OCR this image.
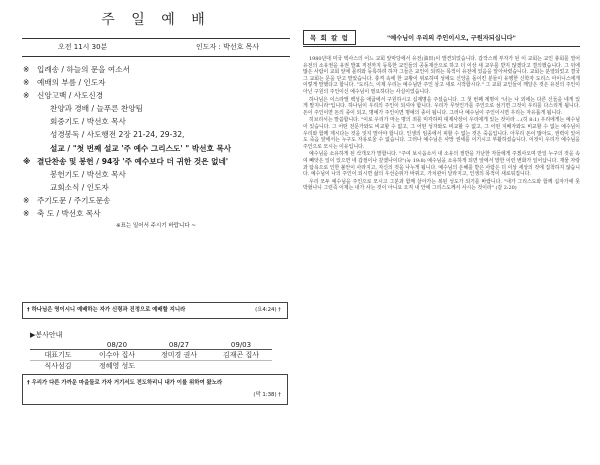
주 일 예 배
오전 11시 30분	인도자 : 박선호 목사
※ 입례송 / 하늘의 문을 여소서
※ 예배의 부름 / 인도자
※ 신앙고백 / 사도신경
찬양과 경배 / 늘푸른 찬양팀
회중기도 / 박선호 목사
성경봉독 / 사도행전 2장 21-24, 29-32,
설교 / "첫 번째 설교 '주 예수 그리스도' " 박선호 목사
※ 결단찬송 및 봉헌 / 94장 '주 예수보다 더 귀한 것은 없네'
봉헌기도 / 박선호 목사
교회소식 / 인도자
※ 주기도문 / 주기도문송
※ 축 도 / 박선호 목사
※표는 일어서 주시기 바랍니다 ~
† 하나님은 영이시니 예배하는 자가 신령과 진정으로 예배할 지니라	(요4:24) †
▶봉사안내
	08/20	08/27	09/03
대표기도	이수아 집사	정미경 권사	김재곤 집사
식사섬김	정혜영 성도		
† 우리가 다른 가까운 마을들로 가자 거기서도 전도하리니 내가 이를 위하여 왔노라
(막 1:38) †
목 회 칼 럼	"예수님이 우리의 주인이시오, 구원자되십니다"

1980년대 미국 텍사스의 어느 교회 앞마당에서 유전(油田)이 발견되었습니다. 갑작스레 부자가 된 이 교회는 교인 총회를 열어 유전의 소유권을 유권 발표 직전까지 등록한 교인들의 공동재산으로 하고 더 이상 새 교우를 받지 않겠다고 결의했습니다. 그 뒤에 많은 사람이 교회 앞에 몰려와 등록하려 하자 그들은 교인이 되려는 목적이 유전에 있음을 알아차렸습니다. 교회는 분열되었고 결국 그 교회는 문을 닫고 말았습니다. 충격 속에 한 교황이 위로하며 성에도 신앙을 돌이킨 분들이 유행한 신학자 도리스 아이니스에게 이렇게 말했다고 합니다. "도리스, 이제 우리는 예수님만 주인 삼고 새로 시작합시다." 그 교회 교인들이 깨달은 것은 유전의 주인이 아닌 구원의 주인이신 예수님이 필요하다는 사실이었습니다.

하나님은 이스라엘 백성을 애굽에서 구원하시고 십계명을 주셨습니다. 그 첫 번째 계명이 "너는 나 외에는 다른 신들을 네게 있게 말지니라"입니다. 하나님이 우리의 주인이 되셔야 합니다. 우리가 무엇인가를 주인으로 섬기면 그것이 우리를 다스리게 됩니다. 돈이 주인이면 돈의 종이 되고, 명예가 주인이면 명예의 종이 됩니다. 그러나 예수님이 주인이시면 우리는 자유롭게 됩니다.

히브리서는 말씀합니다. "이로 우리가 마는 명의 죄를 미각하며 대제사장이 우리에게 있는 것이라 ...(히 8:1) 우리에게는 예수님이 있습니다. 그 어떤 전문가와도 비교할 수 없고, 그 어떤 성자와도 비교할 수 없고, 그 어떤 지배자와도 비교할 수 없는 예수님이 우리와 함께 계시다는 것을 잊지 말아야 합니다. 인생의 임종에서 피할 수 없는 것은 죽음입니다. 아무리 돈이 많아도, 권력이 있어도 죽음 앞에서는 누구도 자유로울 수 없습니다. 그러나 예수님은 사망 권세를 이기시고 부활하셨습니다. 이것이 우리가 예수님을 주인으로 모시는 이유입니다.

예수님을 소유하게 된 삭개오가 말합니다. "주여 보시옵소서 내 소유의 절반을 가난한 자들에게 주겠사오며 만일 누구의 것을 속여 빼앗은 일이 있으면 네 갑절이나 갚겠나이다"(눅 19:8) 예수님을 소유하게 되면 앞에서 말한 이런 변화가 일어납니다. 재물 자랑과 탐욕으로 인한 불안이 사라지고, 자신의 것을 나누게 됩니다. 예수님의 은혜를 받은 사람은 더 이상 세상의 것에 집착하지 않습니다. 예수님이 나의 주인이 되시면 삶의 우선순위가 바뀌고, 가치관이 달라지고, 인생의 목적이 새로워집니다.

우리 모두 예수님을 주인으로 모시고 그분과 함께 살아가는 복된 성도가 되기를 바랍니다. "내가 그리스도와 함께 십자가에 못 박혔나니 그런즉 이제는 내가 사는 것이 아니요 오직 내 안에 그리스도께서 사시는 것이라" (갈 2:20)
